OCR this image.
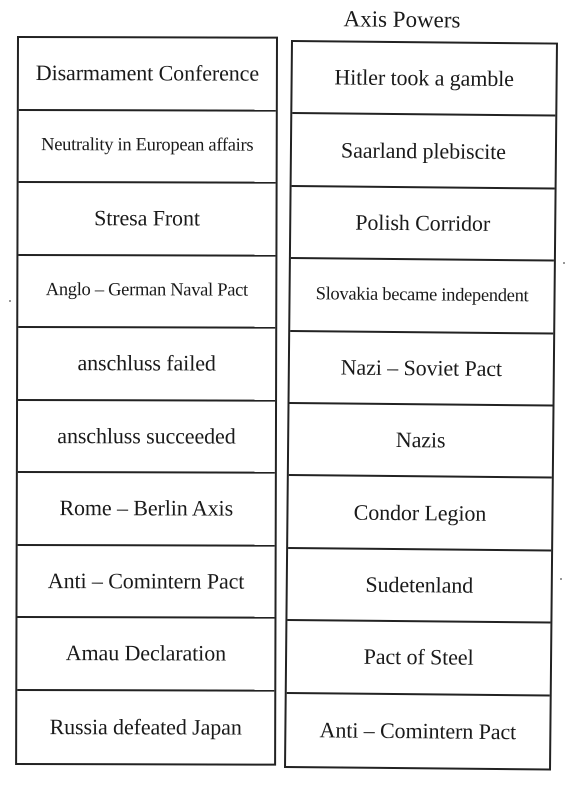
Axis Powers
Disarmament Conference
Neutrality in European affairs
Stresa Front
Anglo – German Naval Pact
anschluss failed
anschluss succeeded
Rome – Berlin Axis
Anti – Comintern Pact
Amau Declaration
Russia defeated Japan
Hitler took a gamble
Saarland plebiscite
Polish Corridor
Slovakia became independent
Nazi – Soviet Pact
Nazis
Condor Legion
Sudetenland
Pact of Steel
Anti – Comintern Pact
